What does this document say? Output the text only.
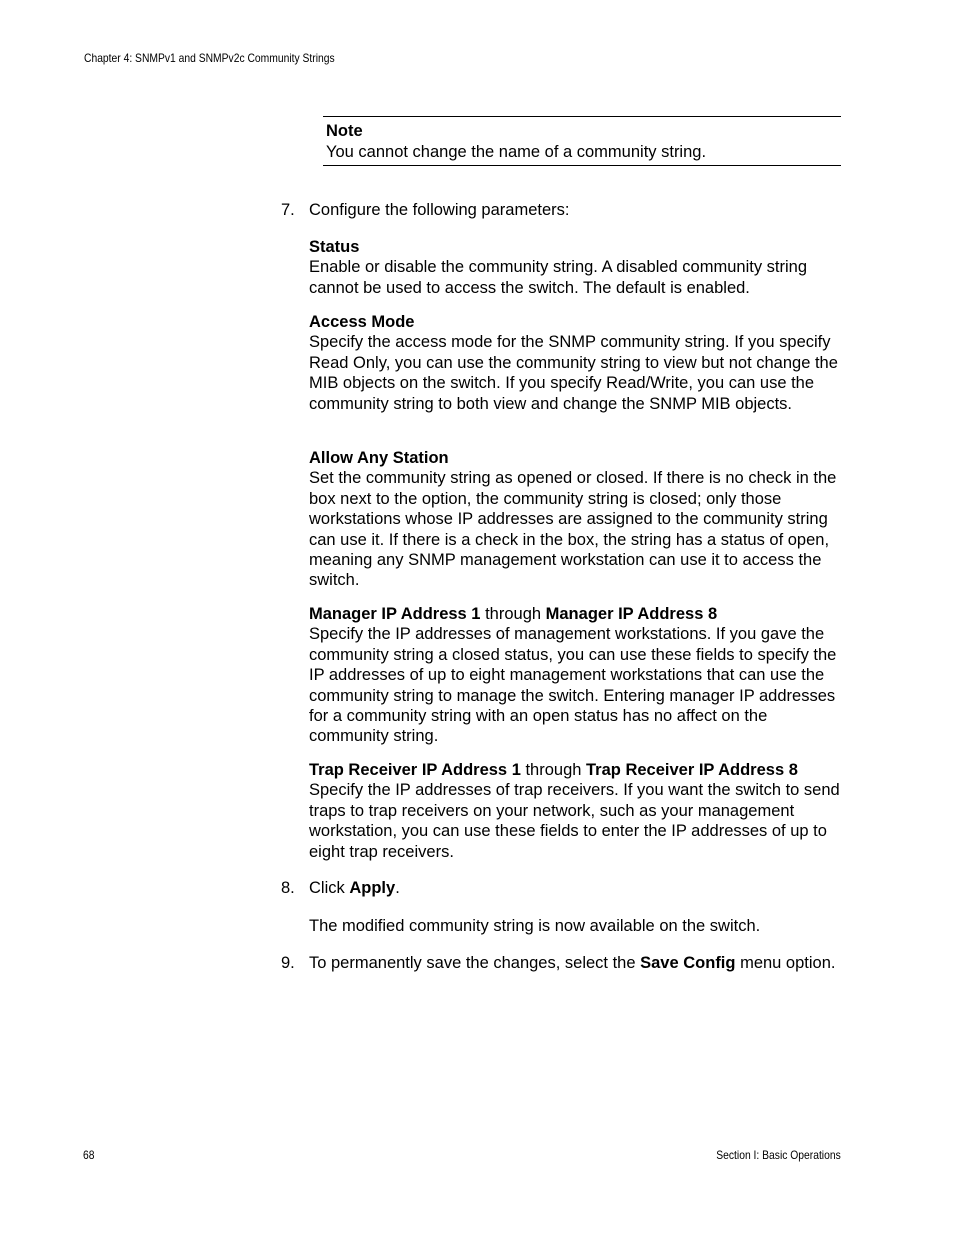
Chapter 4: SNMPv1 and SNMPv2c Community Strings
Note
You cannot change the name of a community string.
7. Configure the following parameters:
Status
Enable or disable the community string. A disabled community string cannot be used to access the switch. The default is enabled.
Access Mode
Specify the access mode for the SNMP community string. If you specify Read Only, you can use the community string to view but not change the MIB objects on the switch. If you specify Read/Write, you can use the community string to both view and change the SNMP MIB objects.
Allow Any Station
Set the community string as opened or closed. If there is no check in the box next to the option, the community string is closed; only those workstations whose IP addresses are assigned to the community string can use it. If there is a check in the box, the string has a status of open, meaning any SNMP management workstation can use it to access the switch.
Manager IP Address 1 through Manager IP Address 8
Specify the IP addresses of management workstations. If you gave the community string a closed status, you can use these fields to specify the IP addresses of up to eight management workstations that can use the community string to manage the switch. Entering manager IP addresses for a community string with an open status has no affect on the community string.
Trap Receiver IP Address 1 through Trap Receiver IP Address 8
Specify the IP addresses of trap receivers. If you want the switch to send traps to trap receivers on your network, such as your management workstation, you can use these fields to enter the IP addresses of up to eight trap receivers.
8. Click Apply.
The modified community string is now available on the switch.
9. To permanently save the changes, select the Save Config menu option.
68	Section I: Basic Operations
